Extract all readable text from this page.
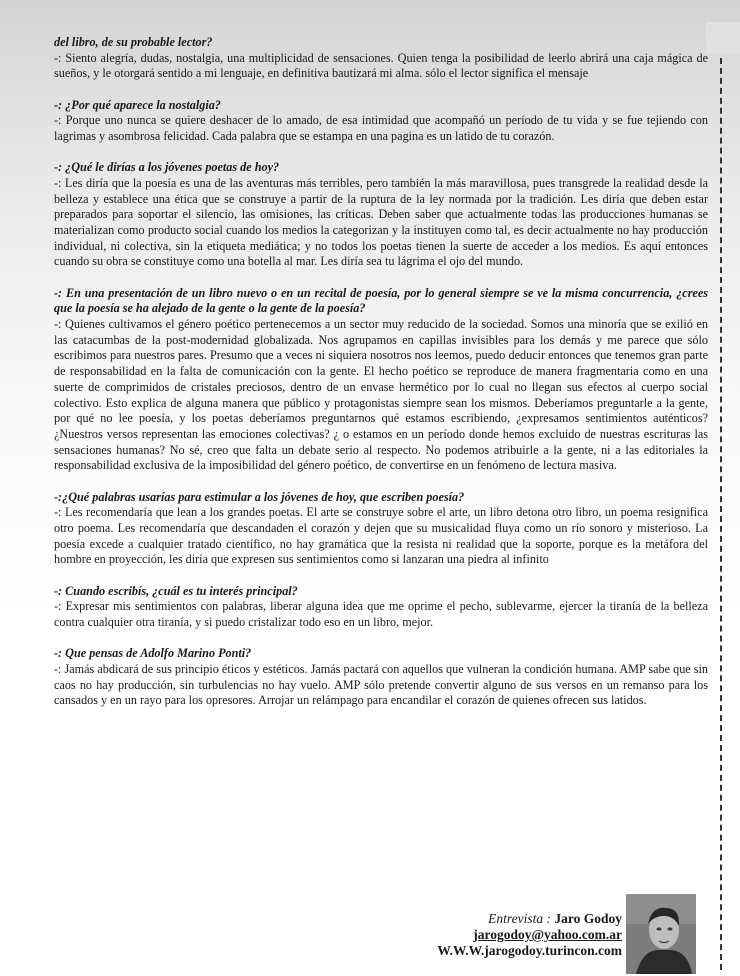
del libro, de su probable lector?
-: Siento alegría, dudas, nostalgia, una multiplicidad de sensaciones. Quien tenga la posibilidad de leerlo abrirá una caja mágica de sueños, y le otorgará sentido a mi lenguaje, en definitiva bautizará mi alma. sólo el lector significa el mensaje
-: ¿Por qué aparece la nostalgia?
-: Porque uno nunca se quiere deshacer de lo amado, de esa intimidad que acompañó un período de tu vida y se fue tejiendo con lagrimas y asombrosa felicidad. Cada palabra que se estampa en una pagina es un latido de tu corazón.
-: ¿Qué le dirías a los jóvenes poetas de hoy?
-: Les diría que la poesía es una de las aventuras más terribles, pero también la más maravillosa, pues transgrede la realidad desde la belleza y establece una ética que se construye a partir de la ruptura de la ley normada por la tradición. Les diría que deben estar preparados para soportar el silencio, las omisiones, las críticas. Deben saber que actualmente todas las producciones humanas se materializan como producto social cuando los medios la categorizan y la instituyen como tal, es decir actualmente no hay producción individual, ni colectiva, sin la etiqueta mediática; y no todos los poetas tienen la suerte de acceder a los medios. Es aquí entonces cuando su obra se constituye como una botella al mar. Les diría sea tu lágrima el ojo del mundo.
-: En una presentación de un libro nuevo o en un recital de poesía, por lo general siempre se ve la misma concurrencia, ¿crees que la poesía se ha alejado de la gente o la gente de la poesía?
-: Quienes cultivamos el género poético pertenecemos a un sector muy reducido de la sociedad. Somos una minoría que se exilió en las catacumbas de la post-modernidad globalizada. Nos agrupamos en capillas invisibles para los demás y me parece que sólo escribimos para nuestros pares. Presumo que a veces ni siquiera nosotros nos leemos, puedo deducir entonces que tenemos gran parte de responsabilidad en la falta de comunicación con la gente. El hecho poético se reproduce de manera fragmentaria como en una suerte de comprimidos de cristales preciosos, dentro de un envase hermético por lo cual no llegan sus efectos al cuerpo social colectivo. Esto explica de alguna manera que público y protagonistas siempre sean los mismos. Deberíamos preguntarle a la gente, por qué no lee poesía, y los poetas deberíamos preguntarnos qué estamos escribiendo, ¿expresamos sentimientos auténticos? ¿Nuestros versos representan las emociones colectivas? ¿ o estamos en un período donde hemos excluido de nuestras escrituras las sensaciones humanas? No sé, creo que falta un debate serio al respecto. No podemos atribuirle a la gente, ni a las editoriales la responsabilidad exclusiva de la imposibilidad del género poético, de convertirse en un fenómeno de lectura masiva.
-:¿Qué palabras usarías para estimular a los jóvenes de hoy, que escriben poesía?
-: Les recomendaría que lean a los grandes poetas. El arte se construye sobre el arte, un libro detona otro libro, un poema resignifica otro poema. Les recomendaría que descandaden el corazón y dejen que su musicalidad fluya como un río sonoro y misterioso. La poesía excede a cualquier tratado científico, no hay gramática que la resista ni realidad que la soporte, porque es la metáfora del hombre en proyección, les diría que expresen sus sentimientos como si lanzaran una piedra al infinito
-: Cuando escribís, ¿cuál es tu interés principal?
-: Expresar mis sentimientos con palabras, liberar alguna idea que me oprime el pecho, sublevarme, ejercer la tiranía de la belleza contra cualquier otra tiranía, y si puedo cristalizar todo eso en un libro, mejor.
-: Que pensas de Adolfo Marino Ponti?
-: Jamás abdicará de sus principio éticos y estéticos. Jamás pactará con aquellos que vulneran la condición humana. AMP sabe que sin caos no hay producción, sin turbulencias no hay vuelo. AMP sólo pretende convertir alguno de sus versos en un remanso para los cansados y en un rayo para los opresores. Arrojar un relámpago para encandilar el corazón de quienes ofrecen sus latidos.
Entrevista : Jaro Godoy
jarogodoy@yahoo.com.ar
W.W.W.jarogodoy.turincon.com
